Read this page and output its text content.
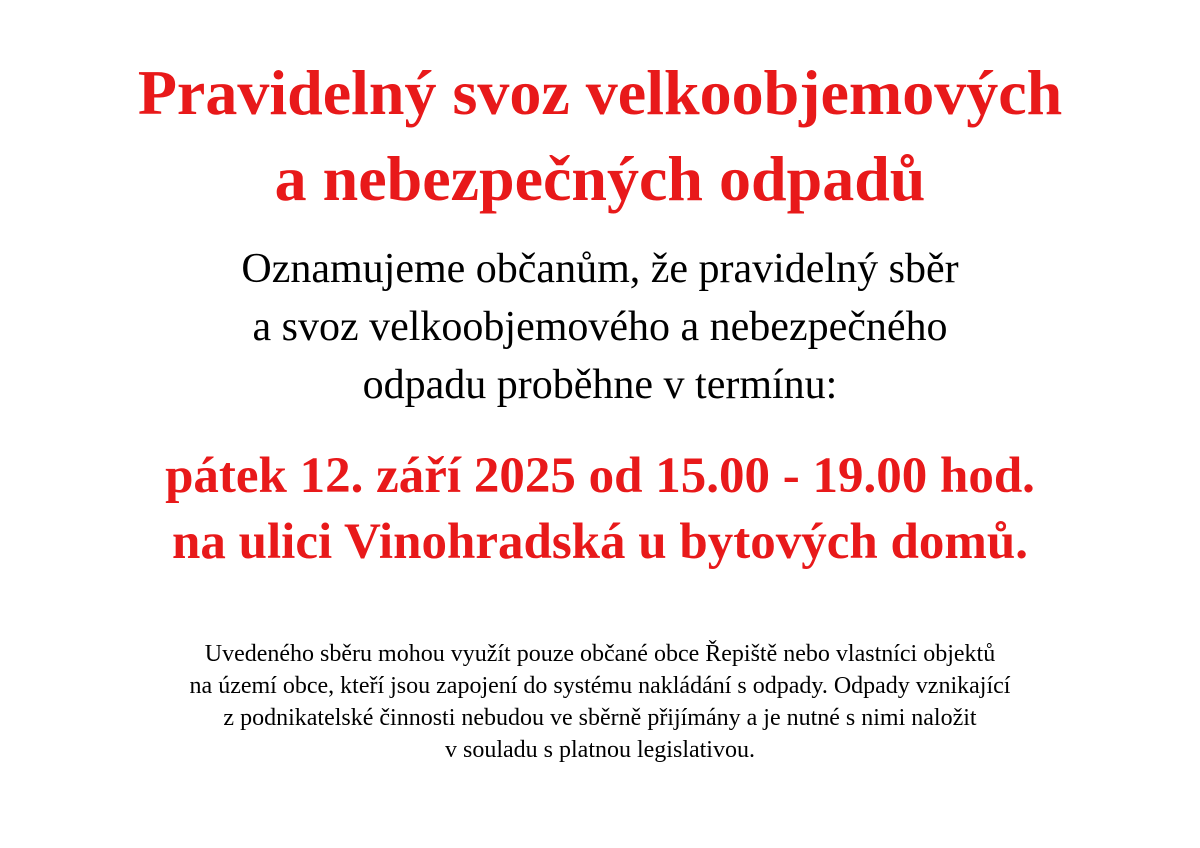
Pravidelný svoz velkoobjemových
a nebezpečných odpadů
Oznamujeme občanům, že pravidelný sběr
a svoz velkoobjemového a nebezpečného
odpadu proběhne v termínu:
pátek 12. září 2025 od 15.00 - 19.00 hod.
na ulici Vinohradská u bytových domů.
Uvedeného sběru mohou využít pouze občané obce Řepiště nebo vlastníci objektů
na území obce, kteří jsou zapojení do systému nakládání s odpady. Odpady vznikající
z podnikatelské činnosti nebudou ve sběrně přijímány a je nutné s nimi naložit
v souladu s platnou legislativou.
